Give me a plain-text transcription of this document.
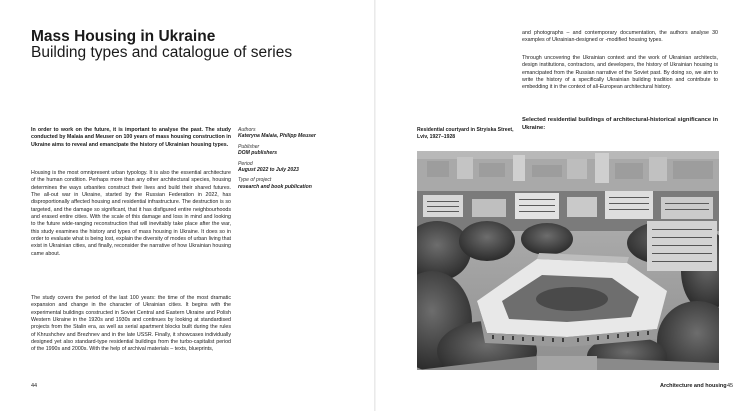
Mass Housing in Ukraine
Building types and catalogue of series

In order to work on the future, it is important to analyse the past. The study conducted by Malaia and Meuser on 100 years of mass housing construction in Ukraine aims to reveal and emancipate the history of Ukrainian housing types.

Housing is the most omnipresent urban typology. It is also the essential architecture of the human condition. Perhaps more than any other architectural species, housing determines the ways urbanites construct their lives and build their shared futures. The all-out war in Ukraine, started by the Russian Federation in 2022, has disproportionally affected housing and residential infrastructure. The destruction is so targeted, and the damage so significant, that it has disfigured entire neighbourhoods and erased entire cities. With the scale of this damage and loss in mind and looking to the future wide-ranging reconstruction that will inevitably take place after the war, this study examines the history and types of mass housing in Ukraine. It does so in order to evaluate what is being lost, explain the diversity of modes of urban living that exist in Ukrainian cities, and finally, reconsider the narrative of how Ukrainian housing came about.

The study covers the period of the last 100 years: the time of the most dramatic expansion and change in the character of Ukrainian cities. It begins with the experimental buildings constructed in Soviet Central and Eastern Ukraine and Polish Western Ukraine in the 1920s and 1930s and continues by looking at standardised projects from the Stalin era, as well as serial apartment blocks built during the rules of Khrushchev and Brezhnev and in the late USSR. Finally, it showcases individually designed yet also standard-type residential buildings from the turbo-capitalist period of the 1990s and 2000s. With the help of archival materials – texts, blueprints,

Authors
Kateryna Malaia, Philipp Meuser
Publisher
DOM publishers
Period
August 2022 to July 2023
Type of project
research and book publication
44

and photographs – and contemporary documentation, the authors analyse 30 examples of Ukrainian-designed or -modified housing types.

Through uncovering the Ukrainian context and the work of Ukrainian architects, design institutions, contractors, and developers, the history of Ukrainian housing is emancipated from the Russian narrative of the Soviet past. By doing so, we aim to write the history of a specifically Ukrainian building tradition and contribute to embedding it in the context of all-European architectural history.

Selected residential buildings of architectural-historical significance in Ukraine:

Residential courtyard in Stryiska Street, Lviv, 1927–1928
Architecture and housing 45
